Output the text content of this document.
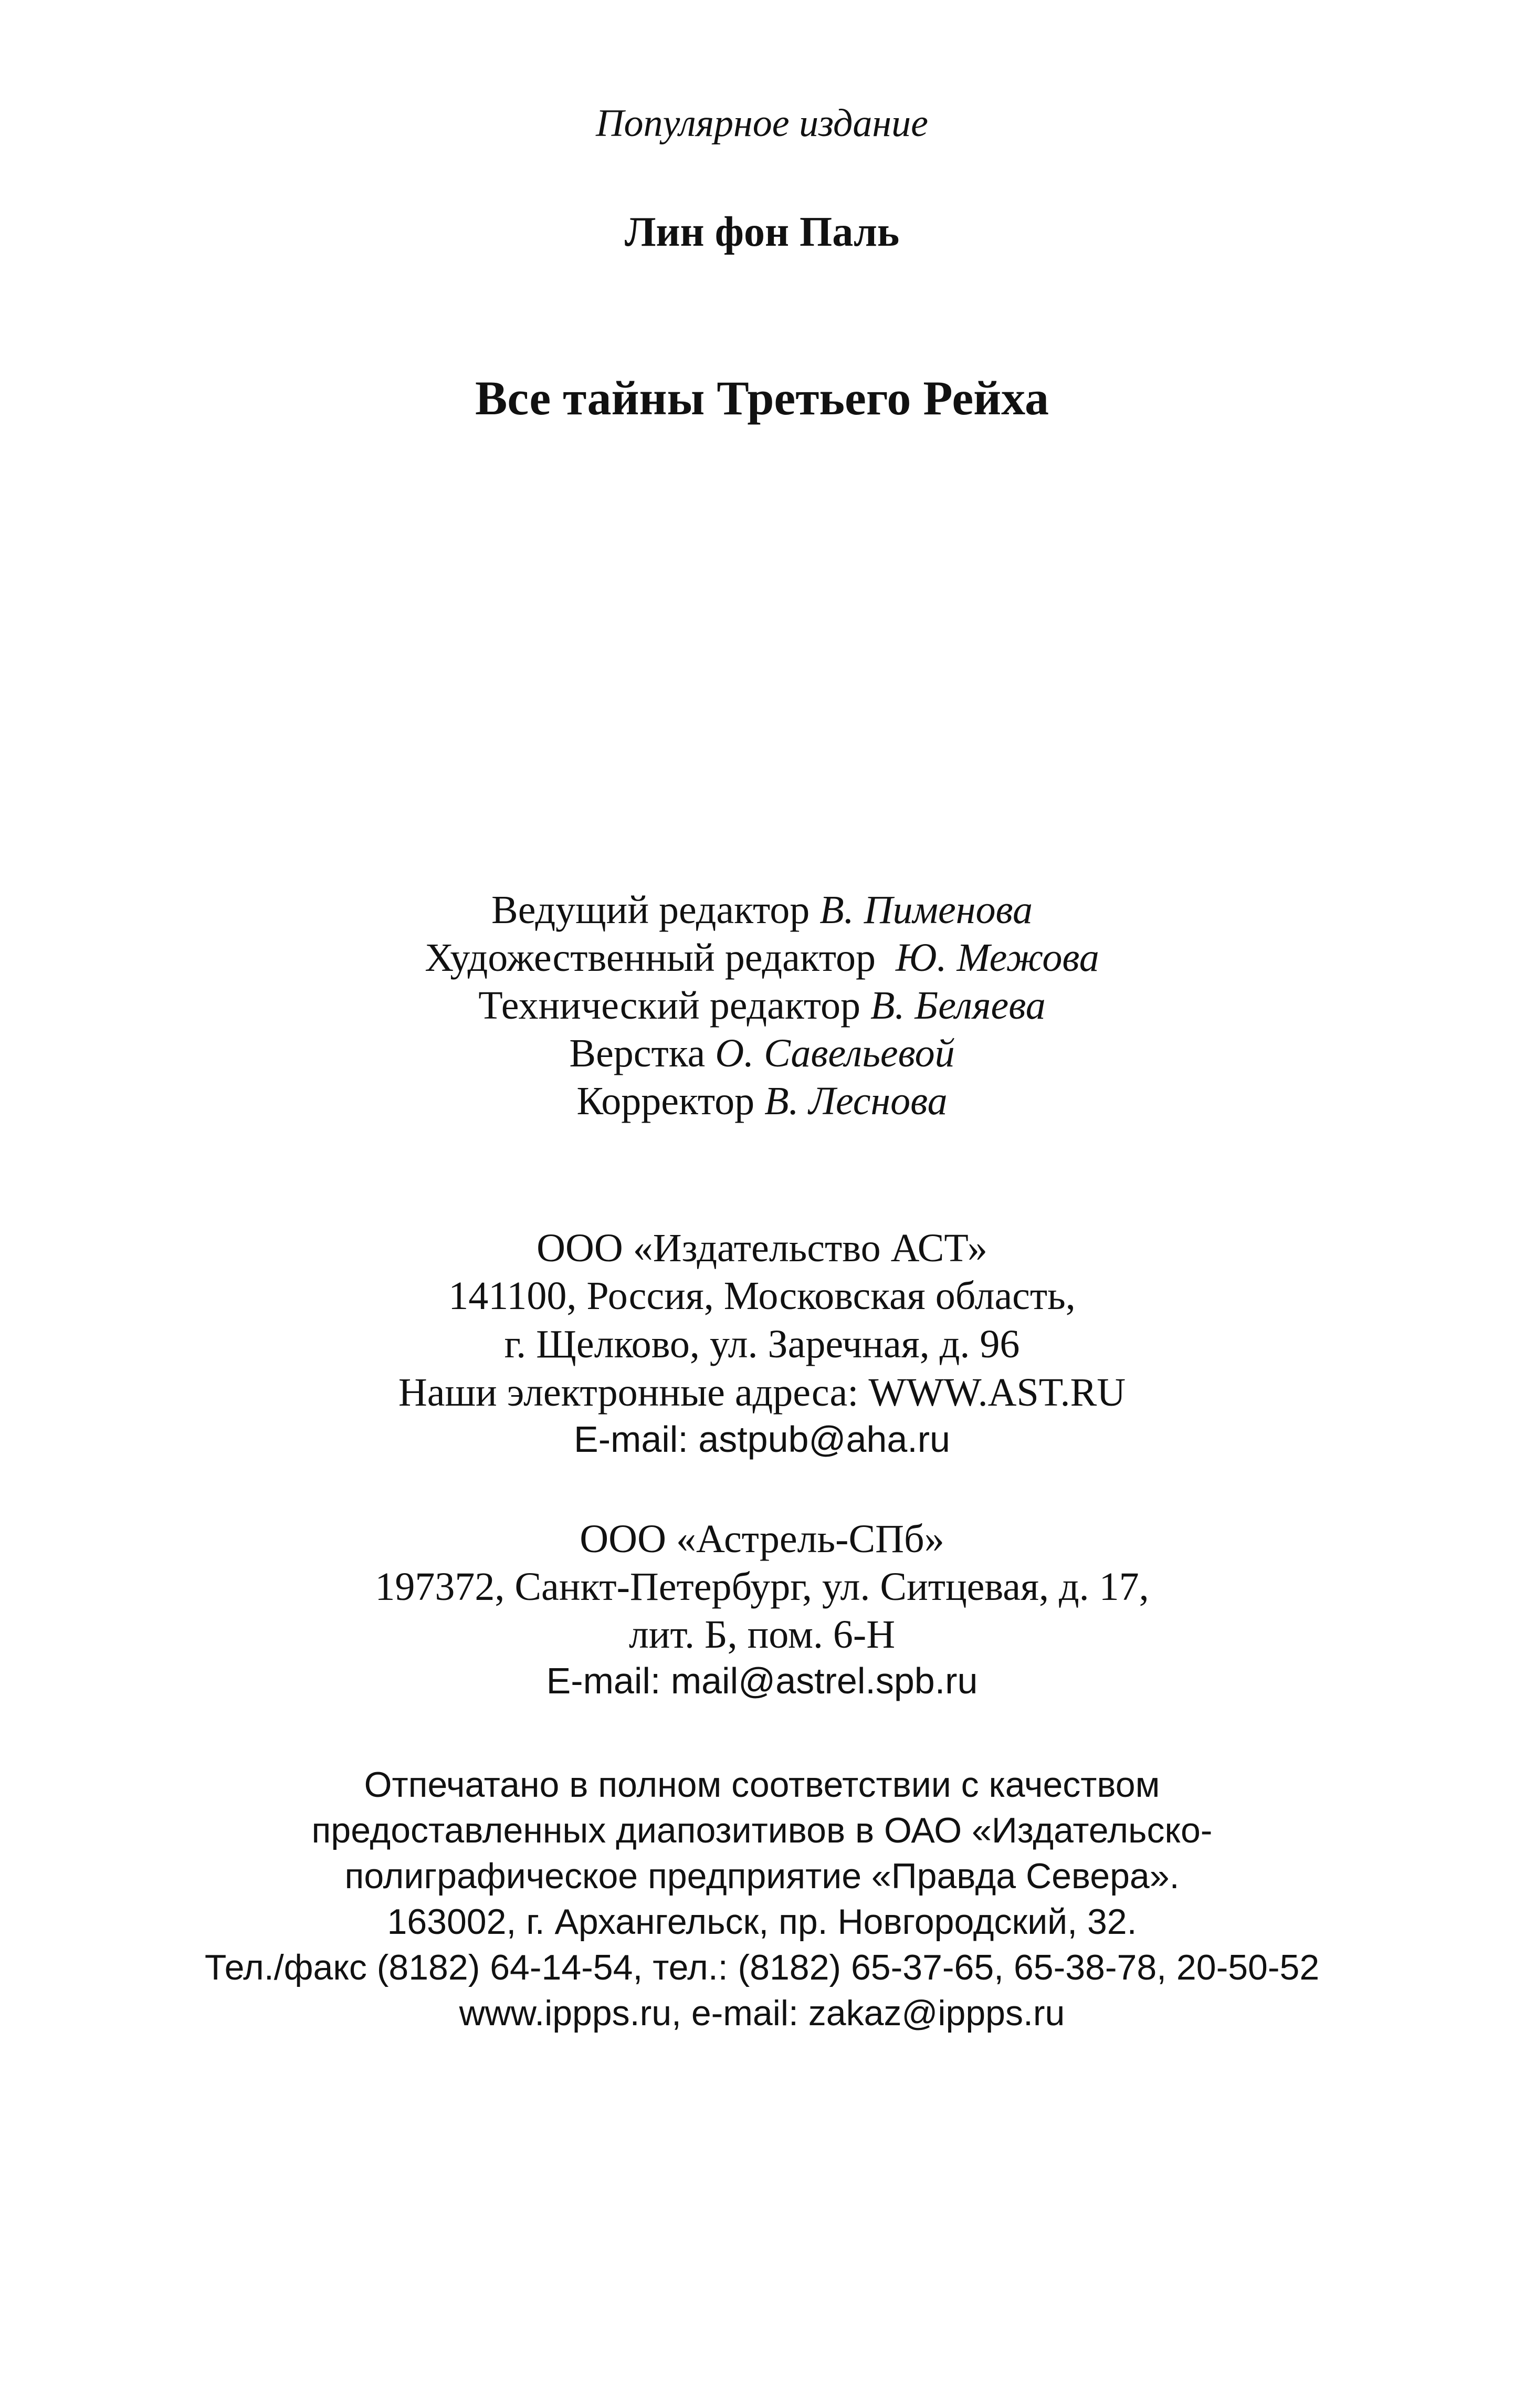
Популярное издание
Лин фон Паль
Все тайны Третьего Рейха
Ведущий редактор В. Пименова
Художественный редактор Ю. Межова
Технический редактор В. Беляева
Верстка О. Савельевой
Корректор В. Леснова
ООО «Издательство АСТ»
141100, Россия, Московская область,
г. Щелково, ул. Заречная, д. 96
Наши электронные адреса: WWW.AST.RU
E-mail: astpub@aha.ru
ООО «Астрель-СПб»
197372, Санкт-Петербург, ул. Ситцевая, д. 17,
лит. Б, пом. 6-Н
E-mail: mail@astrel.spb.ru
Отпечатано в полном соответствии с качеством
предоставленных диапозитивов в ОАО «Издательско-
полиграфическое предприятие «Правда Севера».
163002, г. Архангельск, пр. Новгородский, 32.
Тел./факс (8182) 64-14-54, тел.: (8182) 65-37-65, 65-38-78, 20-50-52
www.ippps.ru, e-mail: zakaz@ippps.ru
